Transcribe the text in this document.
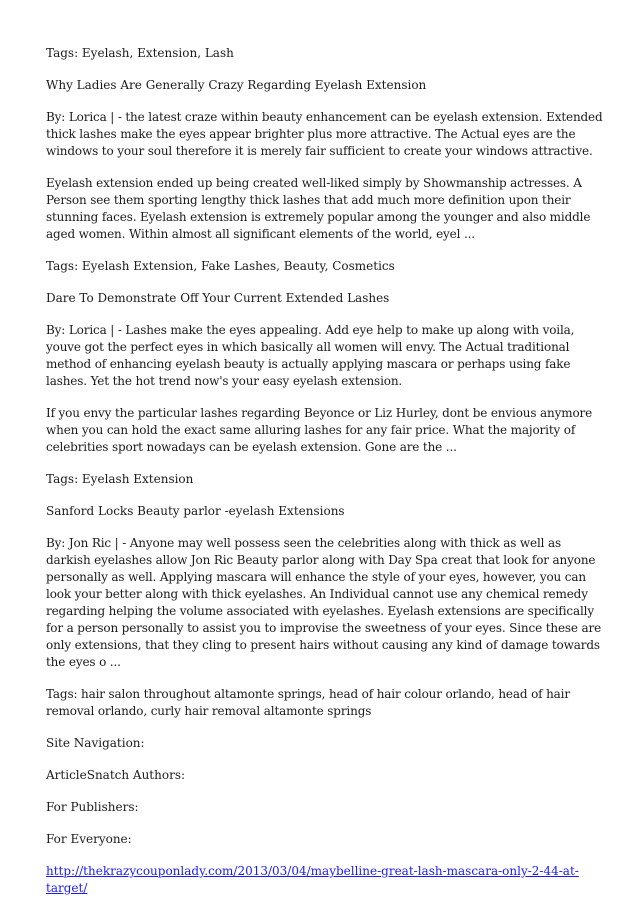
Tags: Eyelash, Extension, Lash

Why Ladies Are Generally Crazy Regarding Eyelash Extension

By: Lorica | - the latest craze within beauty enhancement can be eyelash extension. Extended thick lashes make the eyes appear brighter plus more attractive. The Actual eyes are the windows to your soul therefore it is merely fair sufficient to create your windows attractive.

Eyelash extension ended up being created well-liked simply by Showmanship actresses. A Person see them sporting lengthy thick lashes that add much more definition upon their stunning faces. Eyelash extension is extremely popular among the younger and also middle aged women. Within almost all significant elements of the world, eyel ...

Tags: Eyelash Extension, Fake Lashes, Beauty, Cosmetics

Dare To Demonstrate Off Your Current Extended Lashes

By: Lorica | - Lashes make the eyes appealing. Add eye help to make up along with voila, youve got the perfect eyes in which basically all women will envy. The Actual traditional method of enhancing eyelash beauty is actually applying mascara or perhaps using fake lashes. Yet the hot trend now's your easy eyelash extension.

If you envy the particular lashes regarding Beyonce or Liz Hurley, dont be envious anymore when you can hold the exact same alluring lashes for any fair price. What the majority of celebrities sport nowadays can be eyelash extension. Gone are the ...

Tags: Eyelash Extension

Sanford Locks Beauty parlor -eyelash Extensions

By: Jon Ric | - Anyone may well possess seen the celebrities along with thick as well as darkish eyelashes allow Jon Ric Beauty parlor along with Day Spa creat that look for anyone personally as well. Applying mascara will enhance the style of your eyes, however, you can look your better along with thick eyelashes. An Individual cannot use any chemical remedy regarding helping the volume associated with eyelashes. Eyelash extensions are specifically for a person personally to assist you to improvise the sweetness of your eyes. Since these are only extensions, that they cling to present hairs without causing any kind of damage towards the eyes o ...

Tags: hair salon throughout altamonte springs, head of hair colour orlando, head of hair removal orlando, curly hair removal altamonte springs

Site Navigation:

ArticleSnatch Authors:

For Publishers:

For Everyone:

http://thekrazycouponlady.com/2013/03/04/maybelline-great-lash-mascara-only-2-44-at-target/
